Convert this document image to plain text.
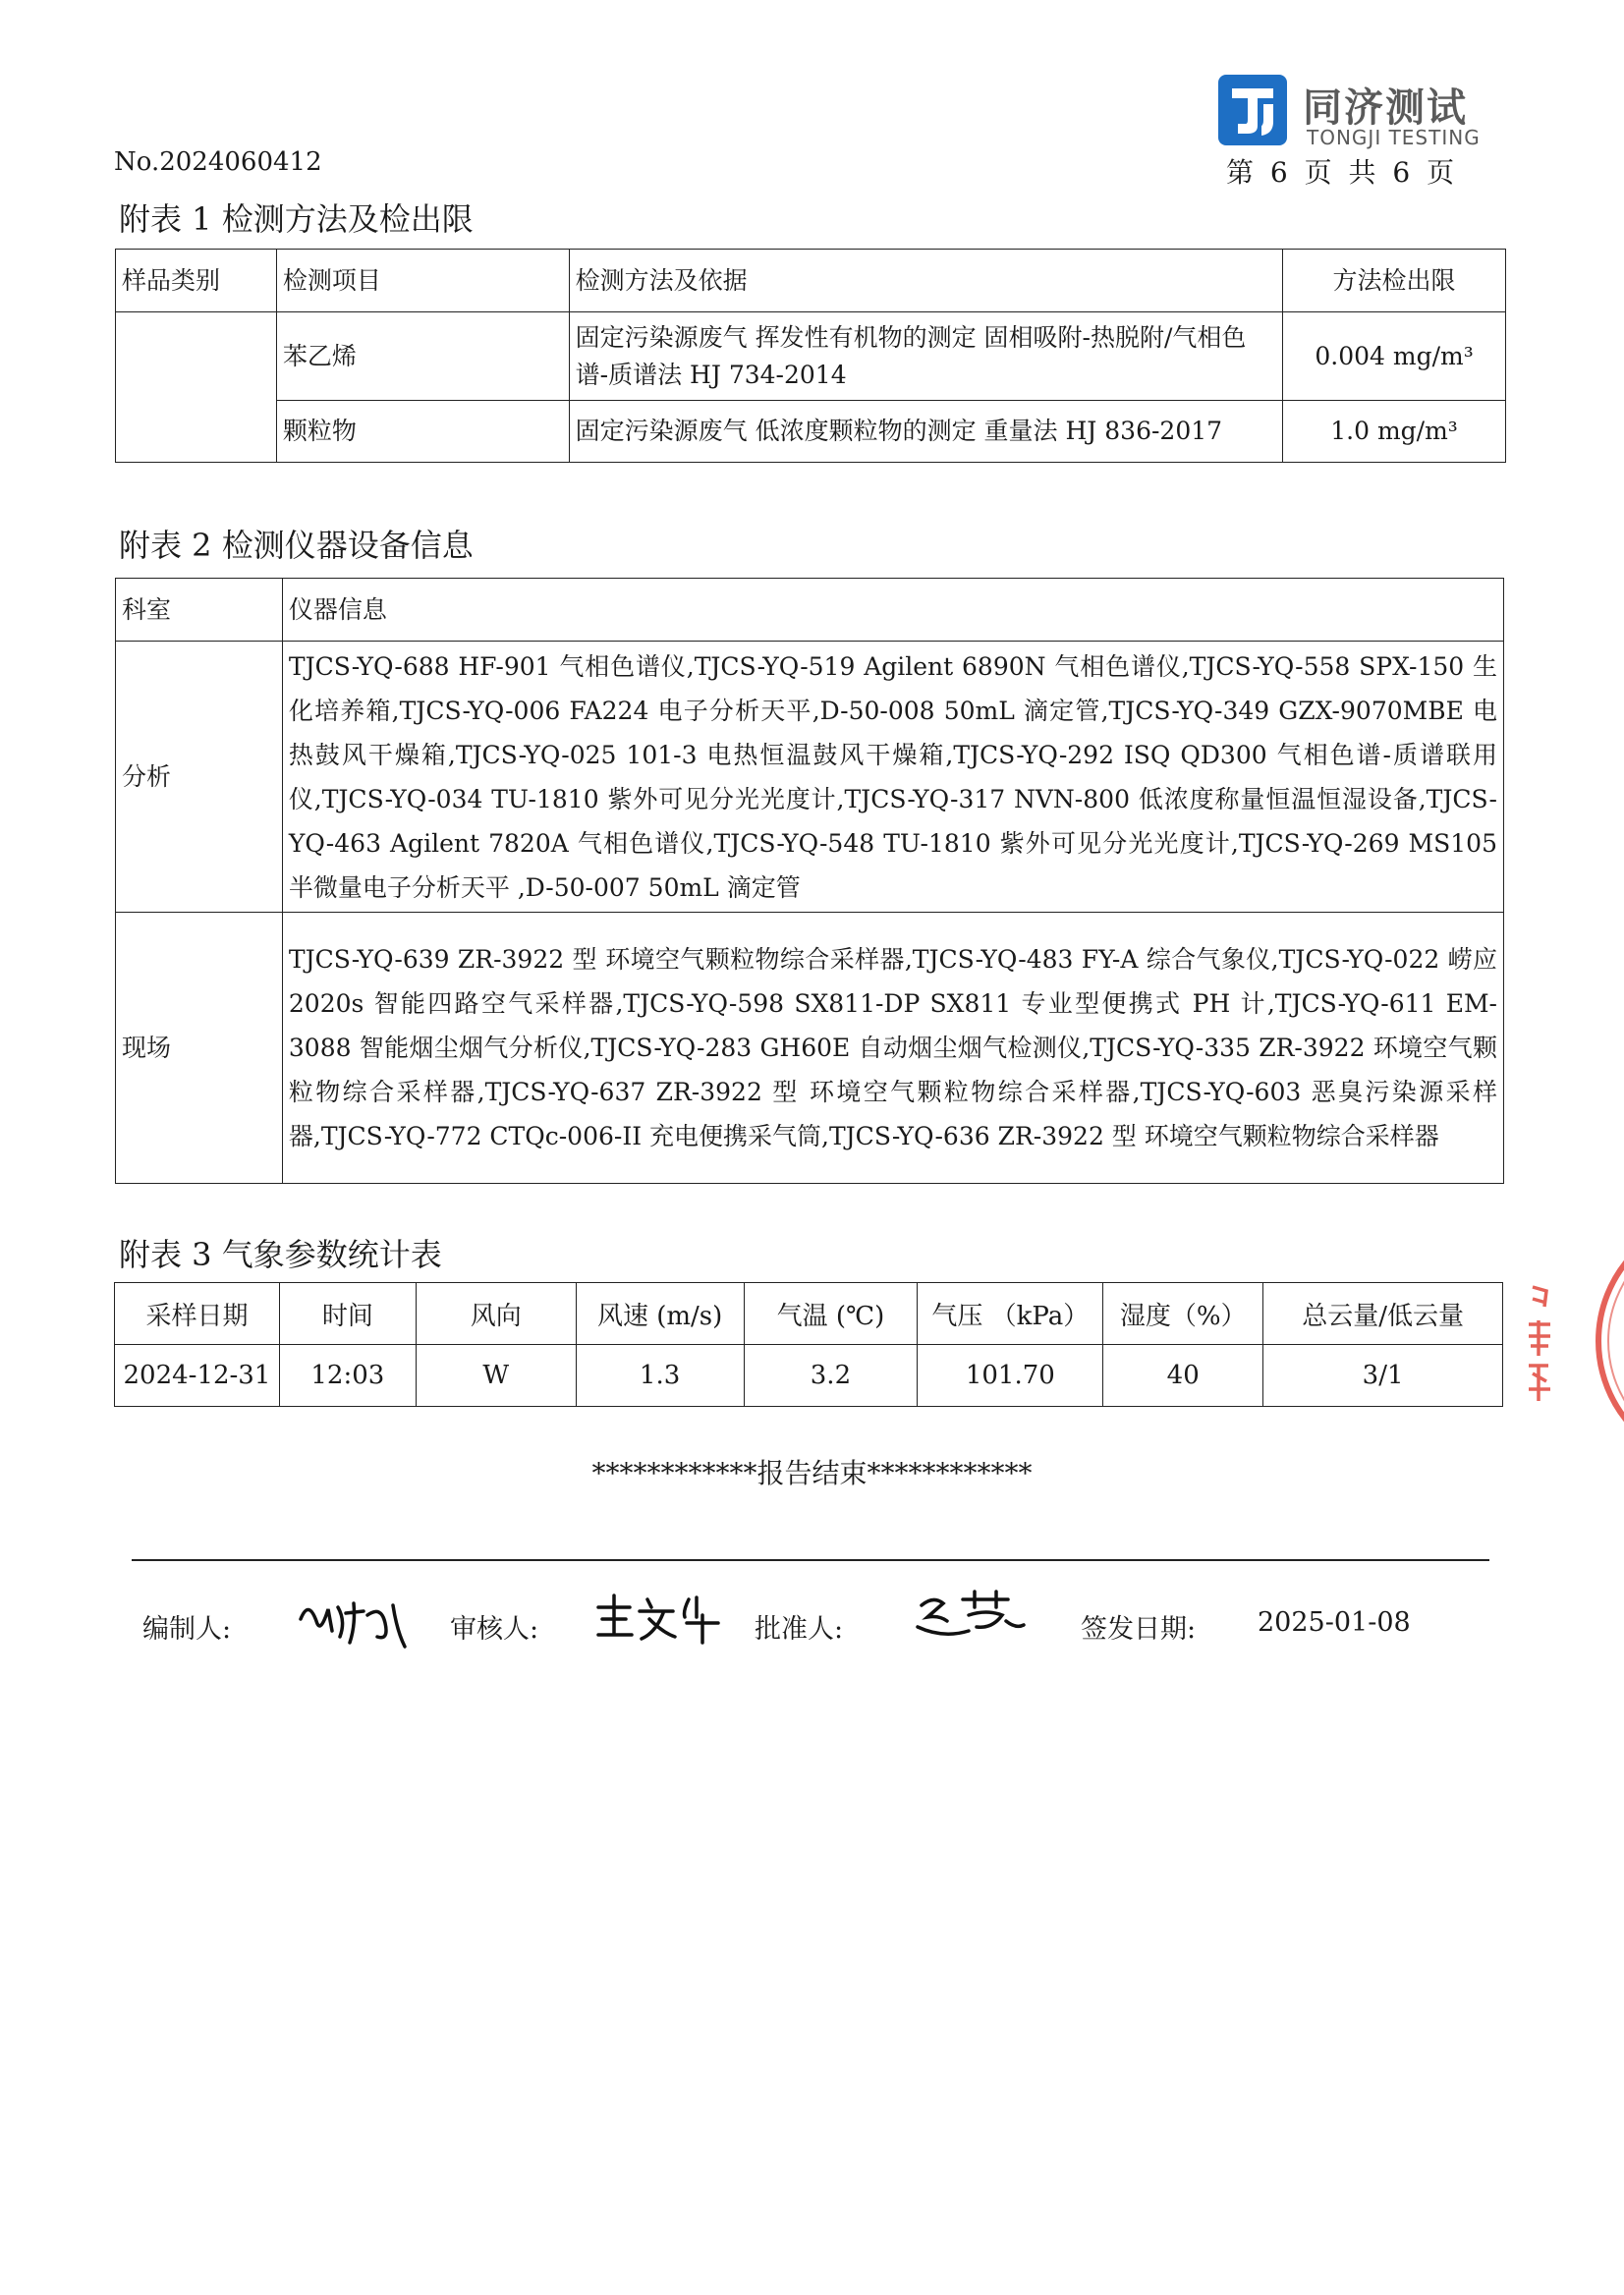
No.2024060412
同济测试
TONGJI TESTING
第 6 页 共 6 页
附表 1 检测方法及检出限
样品类别	检测项目	检测方法及依据	方法检出限
	苯乙烯	固定污染源废气 挥发性有机物的测定 固相吸附-热脱附/气相色谱-质谱法 HJ 734-2014	0.004 mg/m³
	颗粒物	固定污染源废气 低浓度颗粒物的测定 重量法 HJ 836-2017	1.0 mg/m³
附表 2 检测仪器设备信息
科室	仪器信息
分析	TJCS-YQ-688 HF-901 气相色谱仪,TJCS-YQ-519 Agilent 6890N 气相色谱仪,TJCS-YQ-558 SPX-150 生化培养箱,TJCS-YQ-006 FA224 电子分析天平,D-50-008 50mL 滴定管,TJCS-YQ-349 GZX-9070MBE 电热鼓风干燥箱,TJCS-YQ-025 101-3 电热恒温鼓风干燥箱,TJCS-YQ-292 ISQ QD300 气相色谱-质谱联用仪,TJCS-YQ-034 TU-1810 紫外可见分光光度计,TJCS-YQ-317 NVN-800 低浓度称量恒温恒湿设备,TJCS-YQ-463 Agilent 7820A 气相色谱仪,TJCS-YQ-548 TU-1810 紫外可见分光光度计,TJCS-YQ-269 MS105 半微量电子分析天平 ,D-50-007 50mL 滴定管
现场	TJCS-YQ-639 ZR-3922 型 环境空气颗粒物综合采样器,TJCS-YQ-483 FY-A 综合气象仪,TJCS-YQ-022 崂应 2020s 智能四路空气采样器,TJCS-YQ-598 SX811-DP SX811 专业型便携式 PH 计,TJCS-YQ-611 EM-3088 智能烟尘烟气分析仪,TJCS-YQ-283 GH60E 自动烟尘烟气检测仪,TJCS-YQ-335 ZR-3922 环境空气颗粒物综合采样器,TJCS-YQ-637 ZR-3922 型 环境空气颗粒物综合采样器,TJCS-YQ-603 恶臭污染源采样器,TJCS-YQ-772 CTQc-006-II 充电便携采气筒,TJCS-YQ-636 ZR-3922 型 环境空气颗粒物综合采样器
附表 3 气象参数统计表
采样日期	时间	风向	风速 (m/s)	气温 (℃)	气压 （kPa）	湿度（%）	总云量/低云量
2024-12-31	12:03	W	1.3	3.2	101.70	40	3/1
************报告结束************
编制人:	审核人:	批准人:	签发日期: 2025-01-08
